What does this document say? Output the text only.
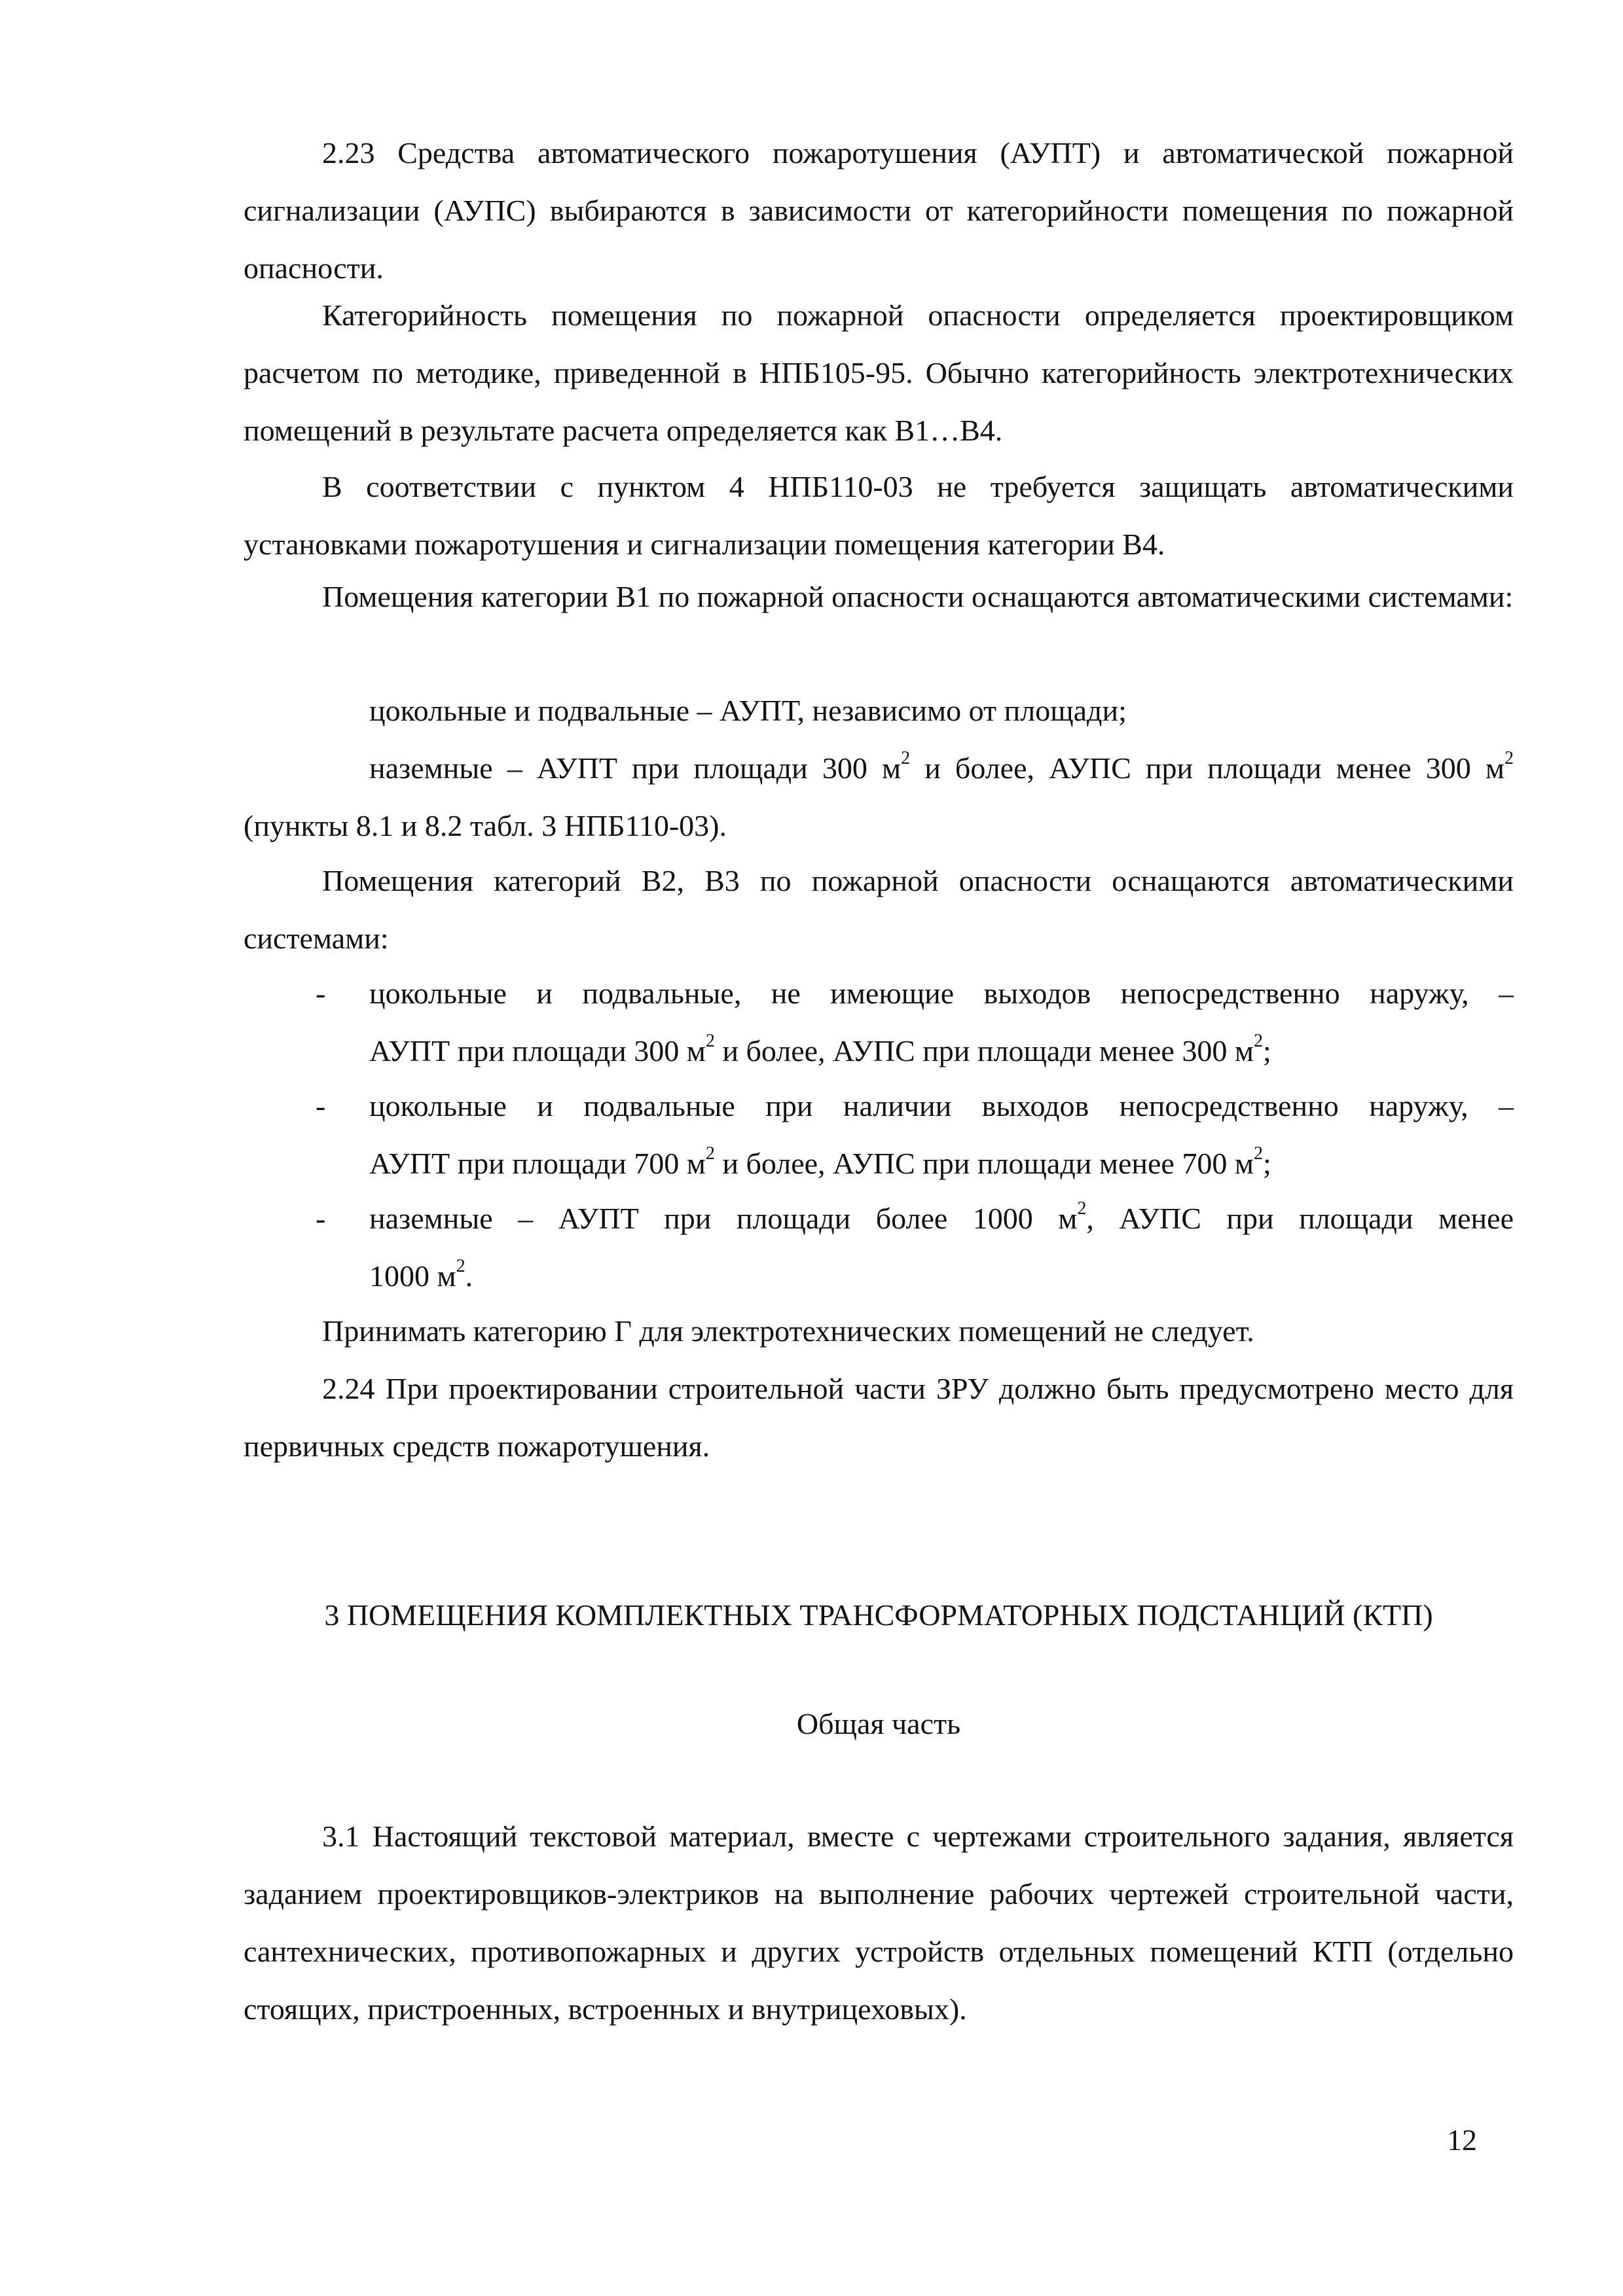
2.23 Средства автоматического пожаротушения (АУПТ) и автоматической пожарной сигнализации (АУПС) выбираются в зависимости от категорийности помещения по пожарной опасности.

Категорийность помещения по пожарной опасности определяется проектировщиком расчетом по методике, приведенной в НПБ105-95. Обычно категорийность электротехнических помещений в результате расчета определяется как В1…В4.

В соответствии с пунктом 4 НПБ110-03 не требуется защищать автоматическими установками пожаротушения и сигнализации помещения категории В4.

Помещения категории В1 по пожарной опасности оснащаются автоматическими системами:

цокольные и подвальные – АУПТ, независимо от площади;

наземные – АУПТ при площади 300 $м^2$ и более, АУПС при площади менее 300 $м^2$
(пункты 8.1 и 8.2 табл. 3 НПБ110-03).

Помещения категорий В2, В3 по пожарной опасности оснащаются автоматическими системами:

- цокольные и подвальные, не имеющие выходов непосредственно наружу, –
АУПТ при площади 300 $м^2$ и более, АУПС при площади менее 300 $м^2$;
- цокольные и подвальные при наличии выходов непосредственно наружу, –
АУПТ при площади 700 $м^2$ и более, АУПС при площади менее 700 $м^2$;
- наземные – АУПТ при площади более 1000 $м^2$, АУПС при площади менее
1000 $м^2$.

Принимать категорию Г для электротехнических помещений не следует.

2.24 При проектировании строительной части ЗРУ должно быть предусмотрено место для первичных средств пожаротушения.

3 ПОМЕЩЕНИЯ КОМПЛЕКТНЫХ ТРАНСФОРМАТОРНЫХ ПОДСТАНЦИЙ (КТП)

Общая часть

3.1 Настоящий текстовой материал, вместе с чертежами строительного задания, является заданием проектировщиков-электриков на выполнение рабочих чертежей строительной части, сантехнических, противопожарных и других устройств отдельных помещений КТП (отдельно стоящих, пристроенных, встроенных и внутрицеховых).

12
